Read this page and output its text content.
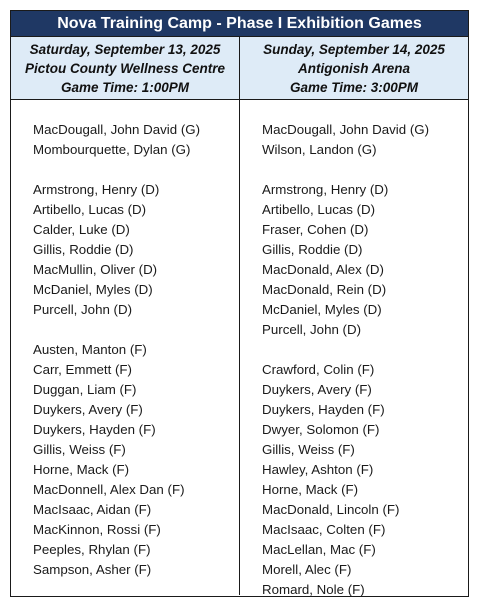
Nova Training Camp - Phase I Exhibition Games
Saturday, September 13, 2025
Pictou County Wellness Centre
Game Time: 1:00PM
Sunday, September 14, 2025
Antigonish Arena
Game Time: 3:00PM
MacDougall, John David (G)
Mombourquette, Dylan (G)
Armstrong, Henry (D)
Artibello, Lucas (D)
Calder, Luke (D)
Gillis, Roddie (D)
MacMullin, Oliver (D)
McDaniel, Myles (D)
Purcell, John (D)
Austen, Manton (F)
Carr, Emmett (F)
Duggan, Liam (F)
Duykers, Avery (F)
Duykers, Hayden (F)
Gillis, Weiss (F)
Horne, Mack (F)
MacDonnell, Alex Dan (F)
MacIsaac, Aidan (F)
MacKinnon, Rossi (F)
Peeples, Rhylan (F)
Sampson, Asher (F)
MacDougall, John David (G)
Wilson, Landon (G)
Armstrong, Henry (D)
Artibello, Lucas (D)
Fraser, Cohen (D)
Gillis, Roddie (D)
MacDonald, Alex (D)
MacDonald, Rein (D)
McDaniel, Myles (D)
Purcell, John (D)
Crawford, Colin (F)
Duykers, Avery (F)
Duykers, Hayden (F)
Dwyer, Solomon (F)
Gillis, Weiss (F)
Hawley, Ashton (F)
Horne, Mack (F)
MacDonald, Lincoln (F)
MacIsaac, Colten (F)
MacLellan, Mac (F)
Morell, Alec (F)
Romard, Nole (F)
